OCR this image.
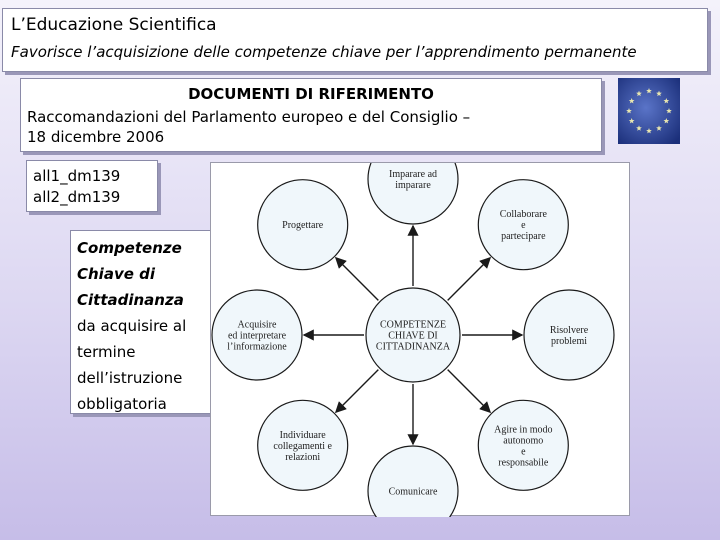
L’Educazione Scientifica
Favorisce l’acquisizione delle competenze chiave per l’apprendimento permanente
DOCUMENTI DI RIFERIMENTO
Raccomandazioni del Parlamento europeo e del Consiglio –
18 dicembre 2006
all1_dm139
all2_dm139
Competenze
Chiave di
Cittadinanza
da acquisire al
termine
dell’istruzione
obbligatoria
COMPETENZE
CHIAVE DI
CITTADINANZA
Imparare ad
imparare
Collaborare
e
partecipare
Risolvere
problemi
Agire in modo
autonomo
e
responsabile
Comunicare
Individuare
collegamenti e
relazioni
Acquisire
ed interpretare
l’informazione
Progettare
